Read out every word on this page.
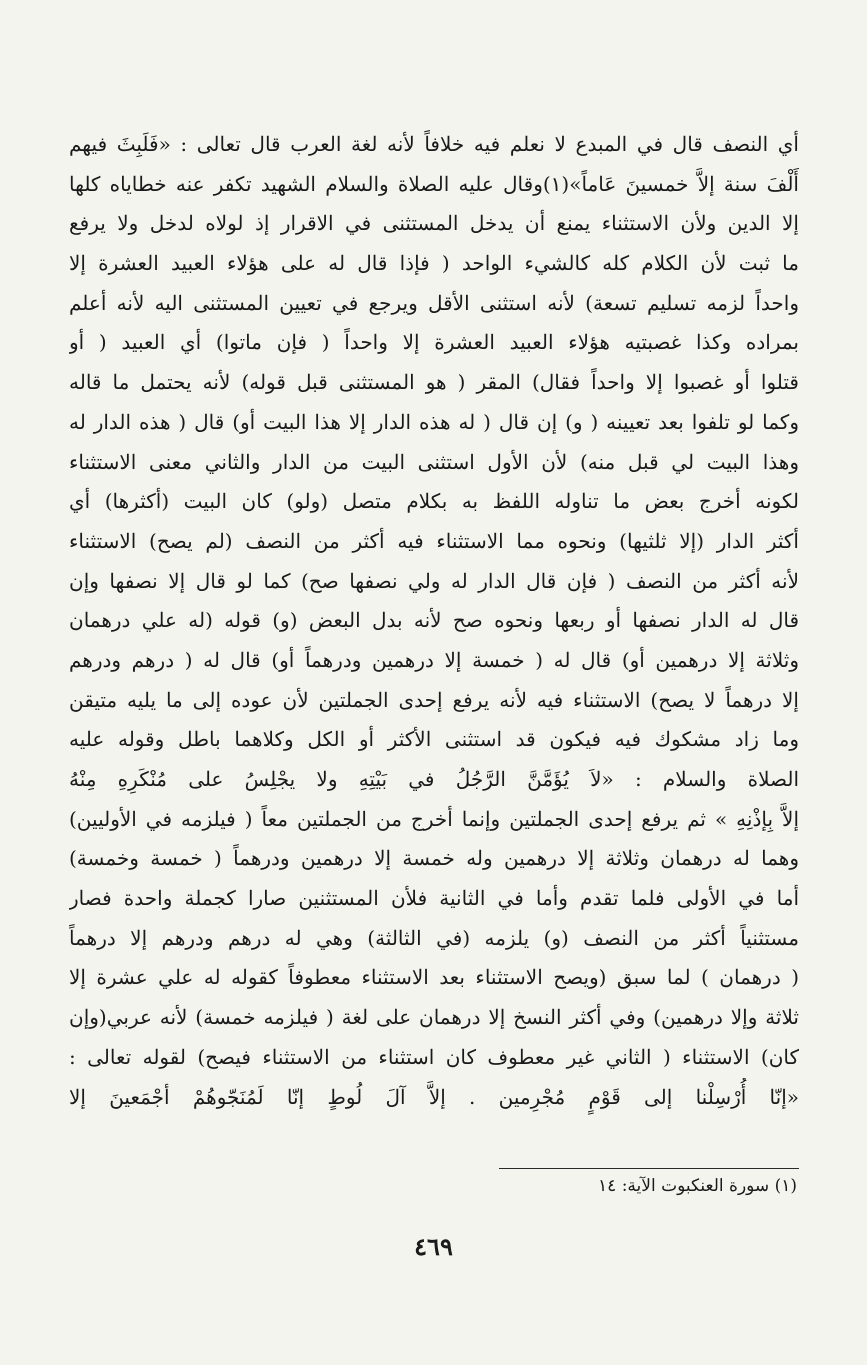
أي النصف قال في المبدع لا نعلم فيه خلافاً لأنه لغة العرب قال تعالى : «فَلَبِثَ فيهم
أَلْفَ سنة إلاَّ خمسينَ عَاماً»(١)وقال عليه الصلاة والسلام الشهيد تكفر عنه خطاياه كلها
إلا الدين ولأن الاستثناء يمنع أن يدخل المستثنى في الاقرار إذ لولاه لدخل ولا يرفع
ما ثبت لأن الكلام كله كالشيء الواحد ( فإذا قال له على هؤلاء العبيد العشرة إلا
واحداً لزمه تسليم تسعة) لأنه استثنى الأقل ويرجع في تعيين المستثنى اليه لأنه أعلم
بمراده وكذا غصبتيه هؤلاء العبيد العشرة إلا واحداً ( فإن ماتوا) أي العبيد ( أو
قتلوا أو غصبوا إلا واحداً فقال) المقر ( هو المستثنى قبل قوله) لأنه يحتمل ما قاله
وكما لو تلفوا بعد تعيينه ( و) إن قال ( له هذه الدار إلا هذا البيت أو) قال ( هذه الدار له
وهذا البيت لي قبل منه) لأن الأول استثنى البيت من الدار والثاني معنى الاستثناء
لكونه أخرج بعض ما تناوله اللفظ به بكلام متصل (ولو) كان البيت (أكثرها) أي
أكثر الدار (إلا ثلثيها) ونحوه مما الاستثناء فيه أكثر من النصف (لم يصح) الاستثناء
لأنه أكثر من النصف ( فإن قال الدار له ولي نصفها صح) كما لو قال إلا نصفها وإن
قال له الدار نصفها أو ربعها ونحوه صح لأنه بدل البعض (و) قوله (له علي درهمان
وثلاثة إلا درهمين أو) قال له ( خمسة إلا درهمين ودرهماً أو) قال له ( درهم ودرهم
إلا درهماً لا يصح) الاستثناء فيه لأنه يرفع إحدى الجملتين لأن عوده إلى ما يليه متيقن
وما زاد مشكوك فيه فيكون قد استثنى الأكثر أو الكل وكلاهما باطل وقوله عليه
الصلاة والسلام : «لاَ يُؤَمَّنَّ الرَّجُلُ في بَيْتِهِ ولا يجْلِسُ على مُنْكَرِهِ مِنْهُ
إلاَّ بِإذْنِهِ » ثم يرفع إحدى الجملتين وإنما أخرج من الجملتين معاً ( فيلزمه في الأوليين)
وهما له درهمان وثلاثة إلا درهمين وله خمسة إلا درهمين ودرهماً ( خمسة وخمسة)
أما في الأولى فلما تقدم وأما في الثانية فلأن المستثنين صارا كجملة واحدة فصار
مستثنياً أكثر من النصف (و) يلزمه (في الثالثة) وهي له درهم ودرهم إلا درهماً
( درهمان ) لما سبق (ويصح الاستثناء بعد الاستثناء معطوفاً كقوله له علي عشرة إلا
ثلاثة وإلا درهمين) وفي أكثر النسخ إلا درهمان على لغة ( فيلزمه خمسة) لأنه عربي(وإن
كان) الاستثناء ( الثاني غير معطوف كان استثناء من الاستثناء فيصح) لقوله تعالى :
«إنّا أُرْسِلْنا إلى قَوْمٍ مُجْرِمين . إلاَّ آلَ لُوطٍ إنّا لَمُنَجّوهُمْ أجْمَعينَ إلا
(١) سورة العنكبوت الآية: ١٤
٤٦٩
